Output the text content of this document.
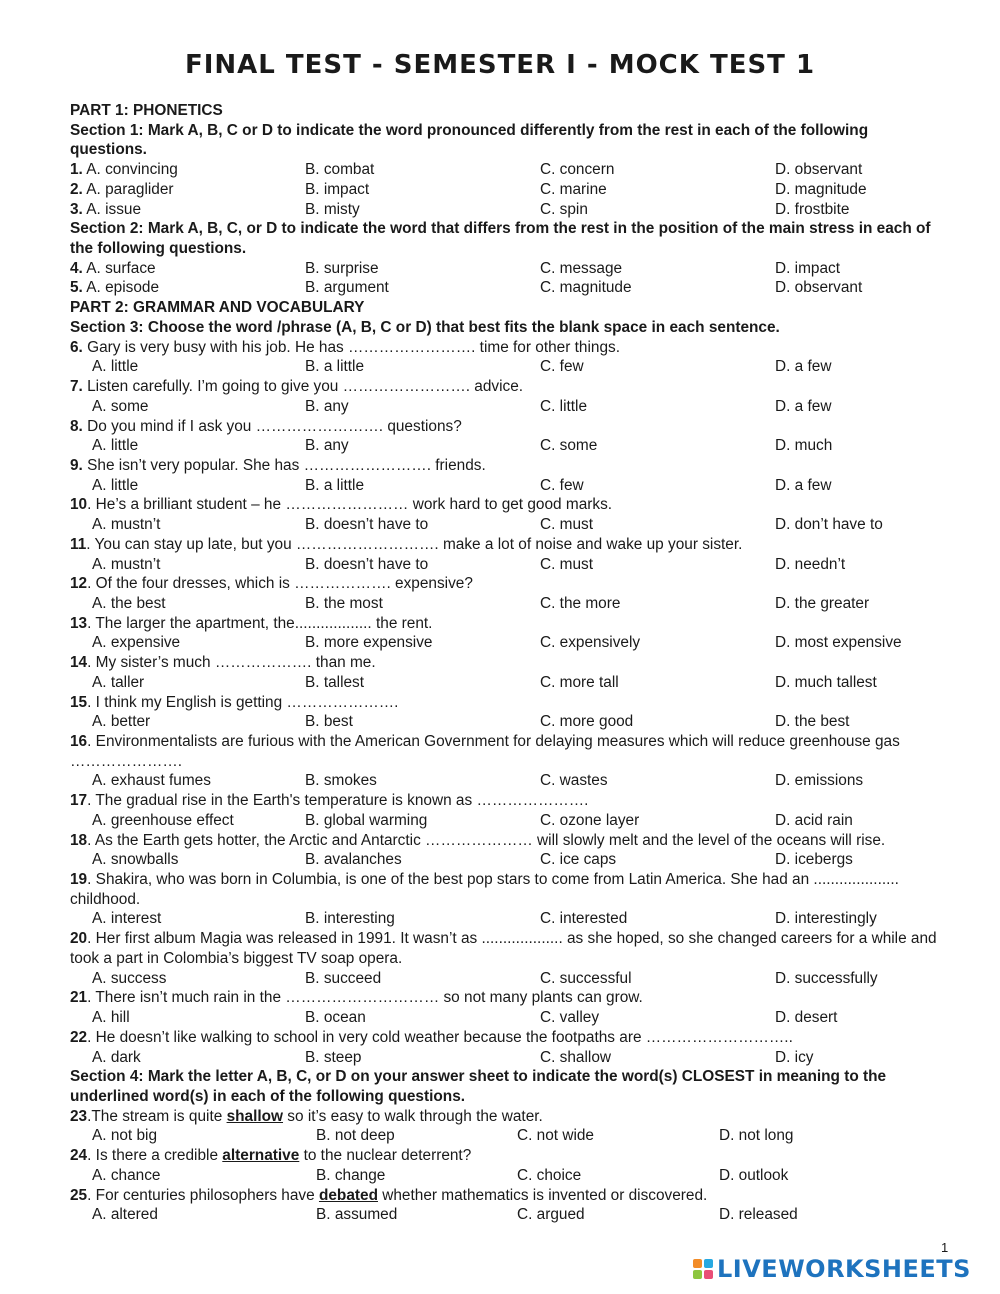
FINAL TEST - SEMESTER I - MOCK TEST 1
PART 1: PHONETICS
Section 1: Mark A, B, C or D to indicate the word pronounced differently from the rest in each of the following questions.
1. A. convincing	B. combat	C. concern	D. observant
2. A. paraglider	B. impact	C. marine	D. magnitude
3. A. issue	B. misty	C. spin	D. frostbite
Section 2: Mark A, B, C, or D to indicate the word that differs from the rest in the position of the main stress in each of the following questions.
4. A. surface	B. surprise	C. message	D. impact
5. A. episode	B. argument	C. magnitude	D. observant
PART 2: GRAMMAR AND VOCABULARY
Section 3: Choose the word /phrase (A, B, C or D) that best fits the blank space in each sentence.
6. Gary is very busy with his job. He has ……………………. time for other things.
A. little	B. a little	C. few	D. a few
7. Listen carefully. I’m going to give you ……………………. advice.
A. some	B. any	C. little	D. a few
8. Do you mind if I ask you ……………………. questions?
A. little	B. any	C. some	D. much
9. She isn’t very popular. She has ……………………. friends.
A. little	B. a little	C. few	D. a few
10. He’s a brilliant student – he …………………… work hard to get good marks.
A. mustn’t	B. doesn’t have to	C. must	D. don’t have to
11. You can stay up late, but you ………………………. make a lot of noise and wake up your sister.
A. mustn’t	B. doesn’t have to	C. must	D. needn’t
12. Of the four dresses, which is ………………. expensive?
A. the best	B. the most	C. the more	D. the greater
13. The larger the apartment, the.................. the rent.
A. expensive	B. more expensive	C. expensively	D. most expensive
14. My sister’s much ………………. than me.
A. taller	B. tallest	C. more tall	D. much tallest
15. I think my English is getting ………………….
A. better	B. best	C. more good	D. the best
16. Environmentalists are furious with the American Government for delaying measures which will reduce greenhouse gas ………………….
A. exhaust fumes	B. smokes	C. wastes	D. emissions
17. The gradual rise in the Earth's temperature is known as ………………….
A. greenhouse effect	B. global warming	C. ozone layer	D. acid rain
18. As the Earth gets hotter, the Arctic and Antarctic ………………… will slowly melt and the level of the oceans will rise.
A. snowballs	B. avalanches	C. ice caps	D. icebergs
19. Shakira, who was born in Columbia, is one of the best pop stars to come from Latin America. She had an .................... childhood.
A. interest	B. interesting	C. interested	D. interestingly
20. Her first album Magia was released in 1991. It wasn’t as ................... as she hoped, so she changed careers for a while and took a part in Colombia’s biggest TV soap opera.
A. success	B. succeed	C. successful	D. successfully
21. There isn’t much rain in the ………………………… so not many plants can grow.
A. hill	B. ocean	C. valley	D. desert
22. He doesn’t like walking to school in very cold weather because the footpaths are ………………………..
A. dark	B. steep	C. shallow	D. icy
Section 4: Mark the letter A, B, C, or D on your answer sheet to indicate the word(s) CLOSEST in meaning to the underlined word(s) in each of the following questions.
23.The stream is quite shallow so it’s easy to walk through the water.
A. not big	B. not deep	C. not wide	D. not long
24. Is there a credible alternative to the nuclear deterrent?
A. chance	B. change	C. choice	D. outlook
25. For centuries philosophers have debated whether mathematics is invented or discovered.
A. altered	B. assumed	C. argued	D. released
1
LIVEWORKSHEETS
